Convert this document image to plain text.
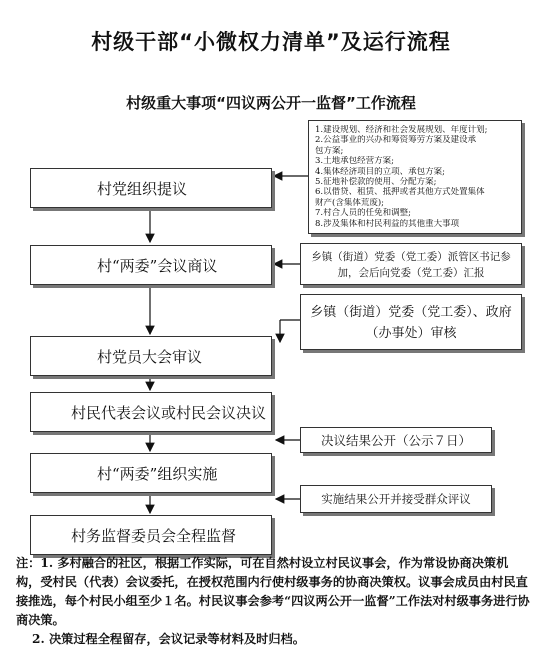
村级干部“小微权力清单”及运行流程
村级重大事项“四议两公开一监督”工作流程
村党组织提议
村“两委”会议商议
村党员大会审议
村民代表会议或村民会议决议
村“两委”组织实施
村务监督委员会全程监督
1.建设规划、经济和社会发展规划、年度计划;
2.公益事业的兴办和筹资筹劳方案及建设承
包方案;
3.土地承包经营方案;
4.集体经济项目的立项、承包方案;
5.征地补偿款的使用、分配方案;
6.以借贷、租赁、抵押或者其他方式处置集体
财产(含集体荒废);
7.村合人员的任免和调整;
8.涉及集体和村民利益的其他重大事项
乡镇（街道）党委（党工委）派管区书记参加，会后向党委（党工委）汇报
乡镇（街道）党委（党工委）、政府（办事处）审核
决议结果公开（公示７日）
实施结果公开并接受群众评议

注：1. 多村融合的社区，根据工作实际，可在自然村设立村民议事会，作为常设协商决策机构，受村民（代表）会议委托，在授权范围内行使村级事务的协商决策权。议事会成员由村民直接推选，每个村民小组至少１名。村民议事会参考“四议两公开一监督”工作法对村级事务进行协商决策。

2. 决策过程全程留存，会议记录等材料及时归档。
